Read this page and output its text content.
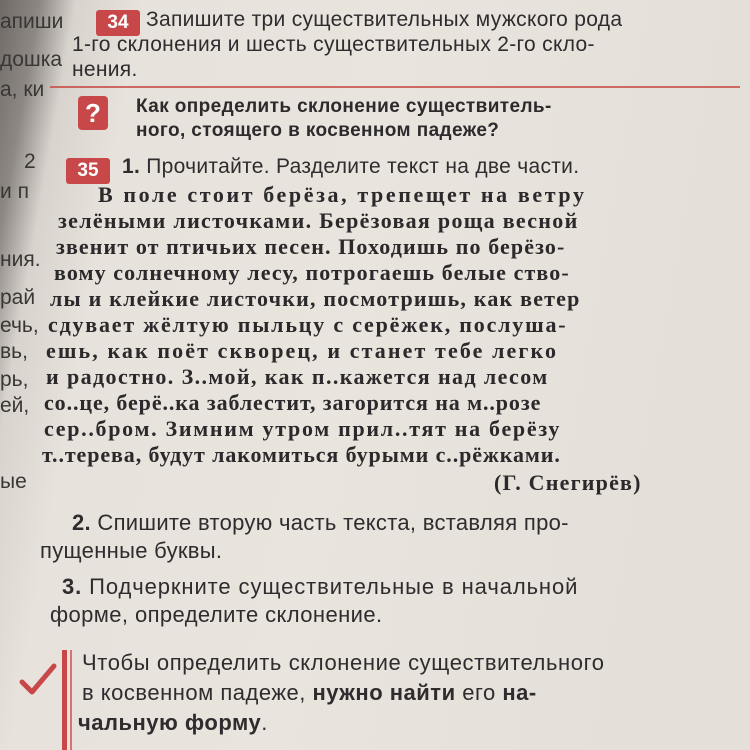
апиши
дошка
а, ки
2
и п
ния.
рай
ечь,
вь,
рь,
ей,
ые
34 Запишите три существительных мужского рода
1-го склонения и шесть существительных 2-го скло-
нения.
?	Как определить склонение существитель-
ного, стоящего в косвенном падеже?
35	1. Прочитайте. Разделите текст на две части.
В поле стоит берёза, трепещет на ветру
зелёными листочками. Берёзовая роща весной
звенит от птичьих песен. Походишь по берёзо-
вому солнечному лесу, потрогаешь белые ство-
лы и клейкие листочки, посмотришь, как ветер
сдувает жёлтую пыльцу с серёжек, послуша-
ешь, как поёт скворец, и станет тебе легко
и радостно. З..мой, как п..кажется над лесом
со..це, берё..ка заблестит, загорится на м..розе
сер..бром. Зимним утром прил..тят на берёзу
т..терева, будут лакомиться бурыми с..рёжками.
(Г. Снегирёв)
2. Спишите вторую часть текста, вставляя про-
пущенные буквы.
3. Подчеркните существительные в начальной
форме, определите склонение.
Чтобы определить склонение существительного
в косвенном падеже, нужно найти его на-
чальную форму.
